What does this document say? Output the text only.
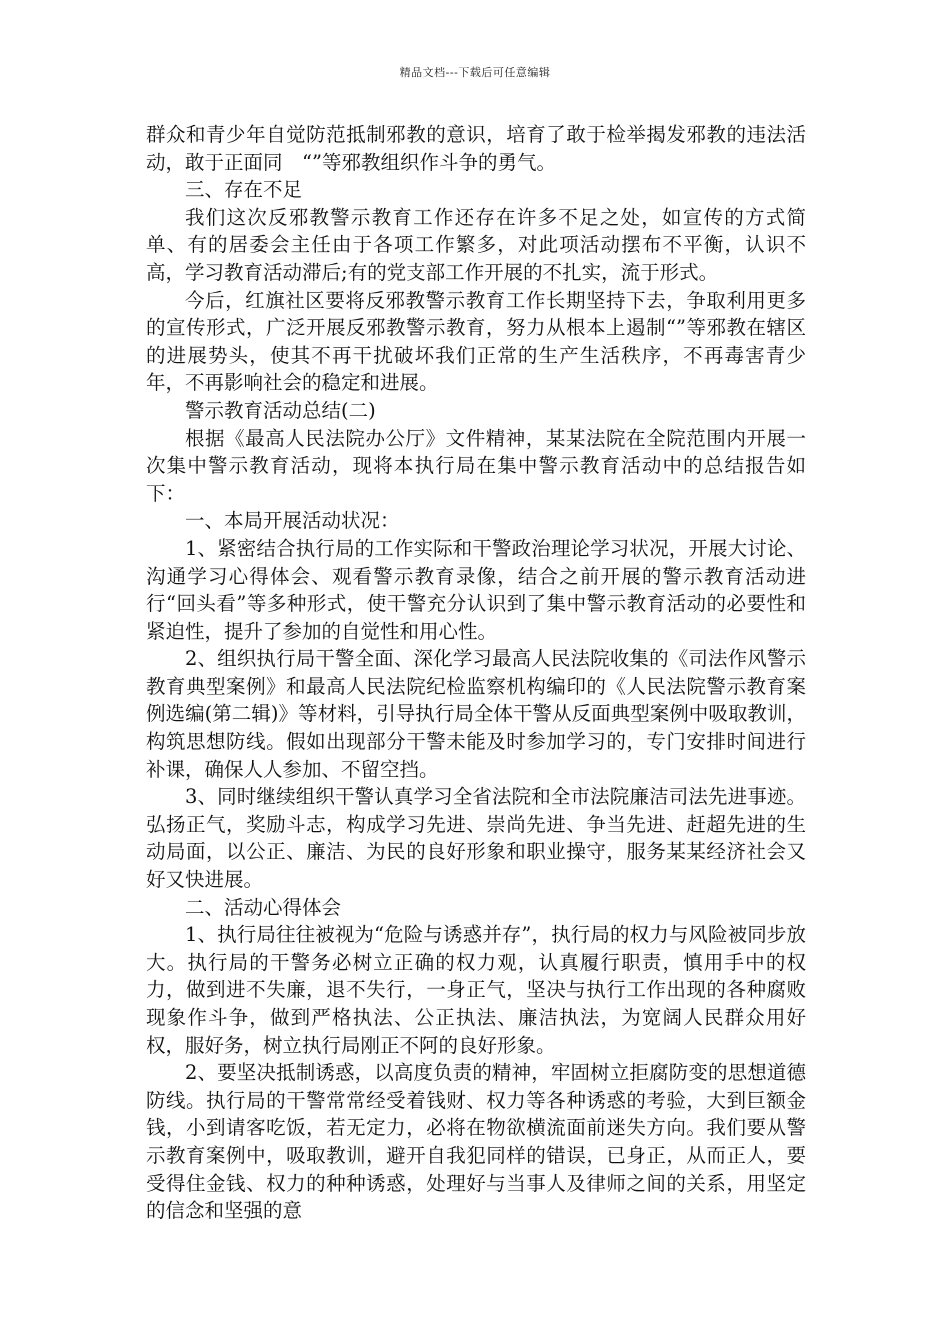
精品文档---下载后可任意编辑

群众和青少年自觉防范抵制邪教的意识，培育了敢于检举揭发邪教的违法活动，敢于正面同　“”等邪教组织作斗争的勇气。

三、存在不足

我们这次反邪教警示教育工作还存在许多不足之处，如宣传的方式简单、有的居委会主任由于各项工作繁多，对此项活动摆布不平衡，认识不高，学习教育活动滞后;有的党支部工作开展的不扎实，流于形式。

今后，红旗社区要将反邪教警示教育工作长期坚持下去，争取利用更多的宣传形式，广泛开展反邪教警示教育，努力从根本上遏制“”等邪教在辖区的进展势头，使其不再干扰破坏我们正常的生产生活秩序，不再毒害青少年，不再影响社会的稳定和进展。

警示教育活动总结(二)

根据《最高人民法院办公厅》文件精神，某某法院在全院范围内开展一次集中警示教育活动，现将本执行局在集中警示教育活动中的总结报告如下：

一、本局开展活动状况：

1、紧密结合执行局的工作实际和干警政治理论学习状况，开展大讨论、沟通学习心得体会、观看警示教育录像，结合之前开展的警示教育活动进行“回头看”等多种形式，使干警充分认识到了集中警示教育活动的必要性和紧迫性，提升了参加的自觉性和用心性。

2、组织执行局干警全面、深化学习最高人民法院收集的《司法作风警示教育典型案例》和最高人民法院纪检监察机构编印的《人民法院警示教育案例选编(第二辑)》等材料，引导执行局全体干警从反面典型案例中吸取教训，构筑思想防线。假如出现部分干警未能及时参加学习的，专门安排时间进行补课，确保人人参加、不留空挡。

3、同时继续组织干警认真学习全省法院和全市法院廉洁司法先进事迹。弘扬正气，奖励斗志，构成学习先进、崇尚先进、争当先进、赶超先进的生动局面，以公正、廉洁、为民的良好形象和职业操守，服务某某经济社会又好又快进展。

二、活动心得体会

1、执行局往往被视为“危险与诱惑并存”，执行局的权力与风险被同步放大。执行局的干警务必树立正确的权力观，认真履行职责，慎用手中的权力，做到进不失廉，退不失行，一身正气，坚决与执行工作出现的各种腐败现象作斗争，做到严格执法、公正执法、廉洁执法，为宽阔人民群众用好权，服好务，树立执行局刚正不阿的良好形象。

2、要坚决抵制诱惑，以高度负责的精神，牢固树立拒腐防变的思想道德防线。执行局的干警常常经受着钱财、权力等各种诱惑的考验，大到巨额金钱，小到请客吃饭，若无定力，必将在物欲横流面前迷失方向。我们要从警示教育案例中，吸取教训，避开自我犯同样的错误，已身正，从而正人，要受得住金钱、权力的种种诱惑，处理好与当事人及律师之间的关系，用坚定的信念和坚强的意
